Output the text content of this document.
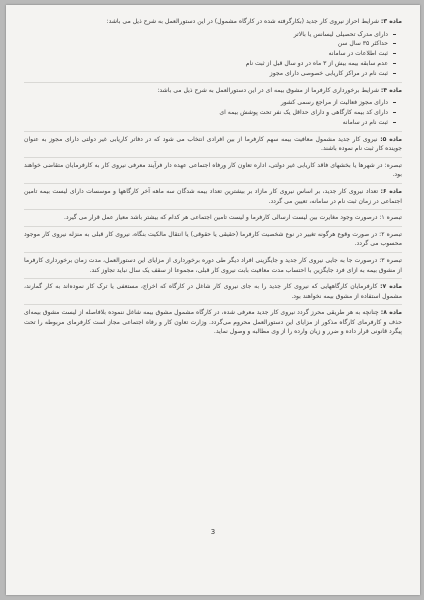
ماده ۳: شرایط احراز نیروی کار جدید (بکارگرفته شده در کارگاه مشمول) در این دستورالعمل به شرح ذیل می باشد:

دارای مدرک تحصیلی لیسانس یا بالاتر
حداکثر ۳۵ سال سن
ثبت اطلاعات در سامانه
عدم سابقه بیمه بیش از ۳ ماه در دو سال قبل از ثبت نام
ثبت نام در مراکز کاریابی خصوصی دارای مجوز

ماده ۴: شرایط برخورداری کارفرما از مشوق بیمه ای در این دستورالعمل به شرح ذیل می باشد:

دارای مجوز فعالیت از مراجع رسمی کشور
دارای کد بیمه کارگاهی و دارای حداقل یک نفر تحت پوشش بیمه ای
ثبت نام در سامانه

ماده ۵: نیروی کار جدید مشمول معافیت بیمه سهم کارفرما از بین افرادی انتخاب می شود که در دفاتر کاریابی غیر دولتی دارای مجوز به عنوان جوینده کار ثبت نام نموده باشند.

تبصره: در شهرها یا بخشهای فاقد کاریابی غیر دولتی، اداره تعاون کار ورفاه اجتماعی عهده دار فرآیند معرفی نیروی کار به کارفرمایان متقاضی خواهند بود.

ماده ۶: تعداد نیروی کار جدید، بر اساس نیروی کار مازاد بر بیشترین تعداد بیمه شدگان سه ماهه آخر کارگاهها و موسسات دارای لیست بیمه تامین اجتماعی در زمان ثبت نام در سامانه، تعیین می گردد.

تبصره ۱: درصورت وجود مغایرت بین لیست ارسالی کارفرما و لیست تامین اجتماعی هر کدام که بیشتر باشد معیار عمل قرار می گیرد.

تبصره ۲: در صورت وقوع هرگونه تغییر در نوع شخصیت کارفرما (حقیقی یا حقوقی) یا انتقال مالکیت بنگاه، نیروی کار قبلی به منزله نیروی کار موجود محسوب می گردد.

تبصره ۳: درصورت جا به جایی نیروی کار جدید و جایگزینی افراد دیگر طی دوره برخورداری از مزایای این دستورالعمل، مدت زمان برخورداری کارفرما از مشوق بیمه به ازای فرد جایگزین با احتساب مدت معافیت بابت نیروی کار قبلی، مجموعا از سقف یک سال نباید تجاوز کند.

ماده ۷: کارفرمایان کارگاههایی که نیروی کار جدید را به جای نیروی کار شاغل در کارگاه که اخراج، مستعفی یا ترک کار نموده‌اند به کار گمارند، مشمول استفاده از مشوق بیمه نخواهند بود.

ماده ۸: چنانچه به هر طریقی محرز گردد نیروی کار جدید معرفی شده، در کارگاه مشمول مشوق بیمه شاغل ننموده بلافاصله از لیست مشوق بیمه‌ای حذف و کارفرمای کارگاه مذکور از مزایای این دستورالعمل محروم می‌گردد. وزارت تعاون کار و رفاه اجتماعی مجاز است کارفرمای مربوطه را تحت پیگرد قانونی قرار داده و ضرر و زیان وارده را از وی مطالبه و وصول نماید.

3
